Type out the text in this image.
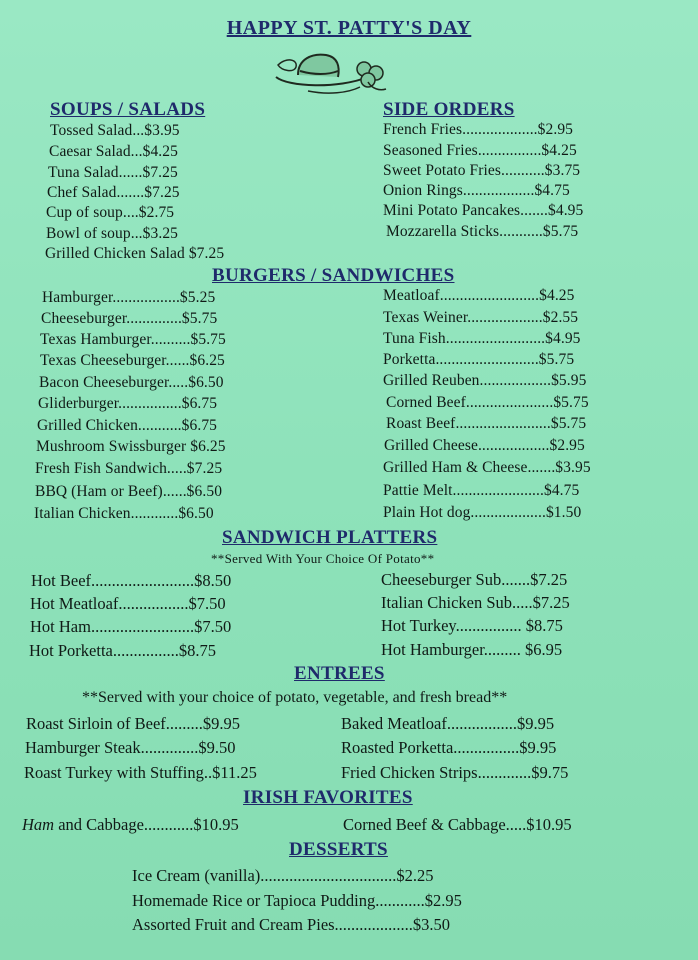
HAPPY ST. PATTY'S DAY
SOUPS / SALADS
Tossed Salad...$3.95
Caesar Salad...$4.25
Tuna Salad......$7.25
Chef Salad.......$7.25
Cup of soup....$2.75
Bowl of soup...$3.25
Grilled Chicken Salad $7.25
SIDE ORDERS
French Fries...................$2.95
Seasoned Fries................$4.25
Sweet Potato Fries...........$3.75
Onion Rings..................$4.75
Mini Potato Pancakes.......$4.95
Mozzarella Sticks...........$5.75
BURGERS / SANDWICHES
Hamburger.................$5.25
Cheeseburger..............$5.75
Texas Hamburger..........$5.75
Texas Cheeseburger......$6.25
Bacon Cheeseburger.....$6.50
Gliderburger................$6.75
Grilled Chicken...........$6.75
Mushroom Swissburger $6.25
Fresh Fish Sandwich.....$7.25
BBQ (Ham or Beef)......$6.50
Italian Chicken............$6.50
Meatloaf.........................$4.25
Texas Weiner...................$2.55
Tuna Fish.........................$4.95
Porketta..........................$5.75
Grilled Reuben..................$5.95
Corned Beef......................$5.75
Roast Beef........................$5.75
Grilled Cheese..................$2.95
Grilled Ham & Cheese.......$3.95
Pattie Melt.......................$4.75
Plain Hot dog...................$1.50
SANDWICH PLATTERS
**Served With Your Choice Of Potato**
Hot Beef.........................$8.50
Hot Meatloaf.................$7.50
Hot Ham.........................$7.50
Hot Porketta................$8.75
Cheeseburger Sub.......$7.25
Italian Chicken Sub.....$7.25
Hot Turkey................ $8.75
Hot Hamburger......... $6.95
ENTREES
**Served with your choice of potato, vegetable, and fresh bread**
Roast Sirloin of Beef.........$9.95
Hamburger Steak..............$9.50
Roast Turkey with Stuffing..$11.25
Baked Meatloaf.................$9.95
Roasted Porketta................$9.95
Fried Chicken Strips.............$9.75
IRISH FAVORITES
Ham and Cabbage............$10.95	Corned Beef & Cabbage.....$10.95
DESSERTS
Ice Cream (vanilla).................................$2.25
Homemade Rice or Tapioca Pudding............$2.95
Assorted Fruit and Cream Pies...................$3.50
